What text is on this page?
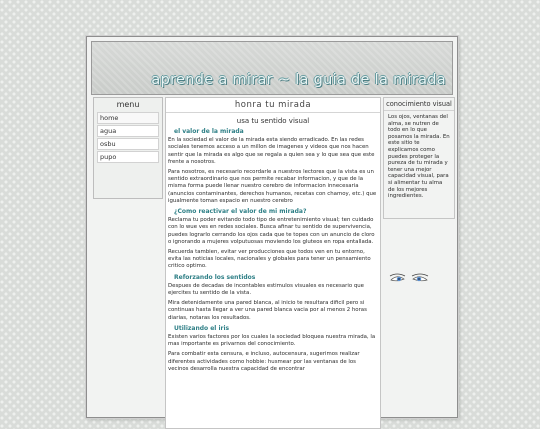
aprende a mirar ~ la guia de la mirada
menu
home
agua
osbu
pupo
honra tu mirada
usa tu sentido visual
el valor de la mirada

En la sociedad el valor de la mirada esta siendo erradicado. En las redes sociales tenemos acceso a un millon de imagenes y videos que nos hacen sentir que la mirada es algo que se regala a quien sea y lo que sea que este frente a nosotros.

Para nosotros, es necesario recordarle a nuestros lectores que la vista es un sentido extraordinario que nos permite recabar informacion, y que de la misma forma puede llenar nuestro cerebro de informacion innecesaria (anuncios contaminantes, derechos humanos, recetas con chamoy, etc.) que igualmente toman espacio en nuestro cerebro

¿Como reactivar el valor de mi mirada?

Reclama tu poder evitando todo tipo de entretenimiento visual; ten cuidado con lo wue ves en redes sociales. Busca afinar tu sentido de supervivencia, puedes lograrlo cerrando los ojos cada que te topes con un anuncio de cloro o ignorando a mujeres volputuosas moviendo los gluteos en ropa entallada.

Recuerda tambien, evitar ver producciones que todos ven en tu entorno, evita las noticias locales, nacionales y globales para tener un pensamiento critico optimo.

Reforzando los sentidos

Despues de decadas de incontables estimulos visuales es necesario que ejercites tu sentido de la vista.

Mira detenidamente una pared blanca, al inicio te resultara dificil pero si continuas hasta llegar a ver una pared blanca vacia por al menos 2 horas diarias, notaras los resultados.

Utilizando el iris

Existen varios factores por los cuales la sociedad bloquea nuestra mirada, la mas importante es privarnos del conocimiento.

Para combatir esta censura, e incluso, autocensura, sugerimos realizar diferentes actividades como hobbie: husmear por las ventanas de los vecinos desarrolla nuestra capacidad de encontrar

conocimiento visual
Los ojos, ventanas del alma, se nutren de todo en lo que posamos la mirada. En este sitio te explicamos como puedes proteger la pureza de tu mirada y tener una mejor capacidad visual, para si alimentar tu alma de los mejores ingredientes.
